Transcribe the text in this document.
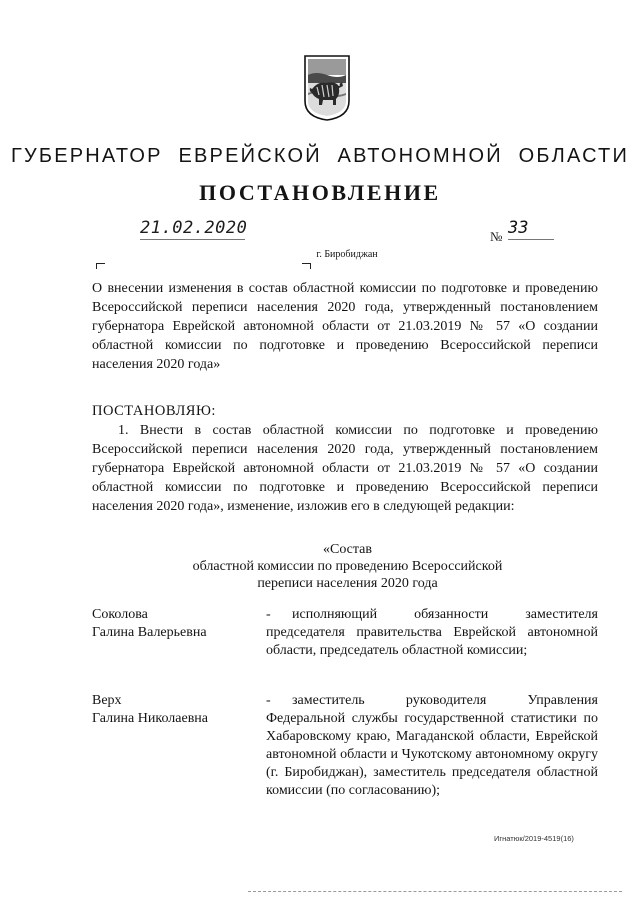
ГУБЕРНАТОР ЕВРЕЙСКОЙ АВТОНОМНОЙ ОБЛАСТИ
ПОСТАНОВЛЕНИЕ
21.02.2020	№ 33
г. Биробиджан
О внесении изменения в состав областной комиссии по подготовке и проведению Всероссийской переписи населения 2020 года, утвержденный постановлением губернатора Еврейской автономной области от 21.03.2019 № 57 «О создании областной комиссии по подготовке и проведению Всероссийской переписи населения 2020 года»
ПОСТАНОВЛЯЮ:
1. Внести в состав областной комиссии по подготовке и проведению Всероссийской переписи населения 2020 года, утвержденный постановлением губернатора Еврейской автономной области от 21.03.2019 № 57 «О создании областной комиссии по подготовке и проведению Всероссийской переписи населения 2020 года», изменение, изложив его в следующей редакции:
«Состав
областной комиссии по проведению Всероссийской
переписи населения 2020 года
Соколова
Галина Валерьевна
-	исполняющий обязанности заместителя председателя правительства Еврейской автономной области, председатель областной комиссии;
Верх
Галина Николаевна
-	заместитель руководителя Управления Федеральной службы государственной статистики по Хабаровскому краю, Магаданской области, Еврейской автономной области и Чукотскому автономному округу (г. Биробиджан), заместитель председателя областной комиссии (по согласованию);
Игнатюк/2019-4519(16)
